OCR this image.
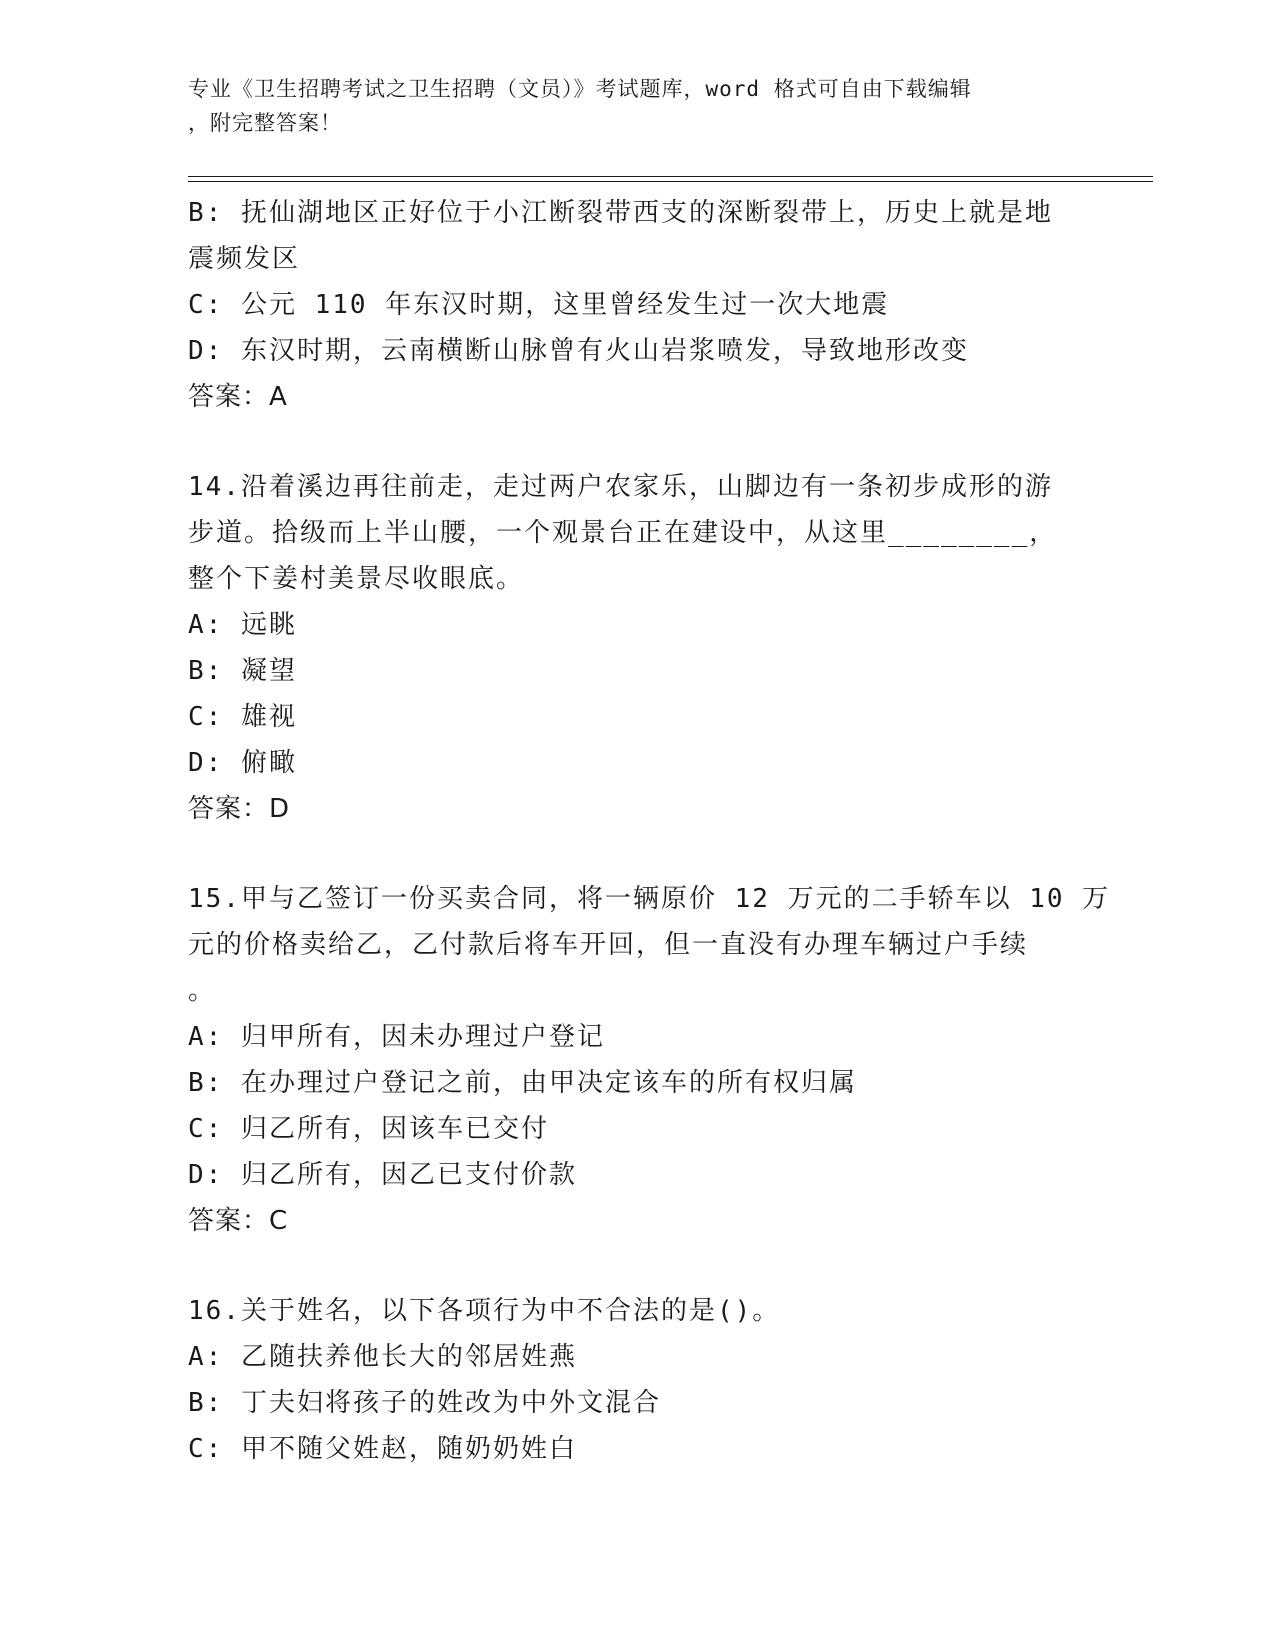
专业《卫生招聘考试之卫生招聘（文员）》考试题库，word 格式可自由下载编辑
，附完整答案！
B: 抚仙湖地区正好位于小江断裂带西支的深断裂带上，历史上就是地
震频发区
C: 公元 110 年东汉时期，这里曾经发生过一次大地震
D: 东汉时期，云南横断山脉曾有火山岩浆喷发，导致地形改变
答案：A
14.沿着溪边再往前走，走过两户农家乐，山脚边有一条初步成形的游
步道。拾级而上半山腰，一个观景台正在建设中，从这里________，
整个下姜村美景尽收眼底。
A: 远眺
B: 凝望
C: 雄视
D: 俯瞰
答案：D
15.甲与乙签订一份买卖合同，将一辆原价 12 万元的二手轿车以 10 万
元的价格卖给乙，乙付款后将车开回，但一直没有办理车辆过户手续
。
A: 归甲所有，因未办理过户登记
B: 在办理过户登记之前，由甲决定该车的所有权归属
C: 归乙所有，因该车已交付
D: 归乙所有，因乙已支付价款
答案：C
16.关于姓名，以下各项行为中不合法的是()。
A: 乙随扶养他长大的邻居姓燕
B: 丁夫妇将孩子的姓改为中外文混合
C: 甲不随父姓赵，随奶奶姓白
